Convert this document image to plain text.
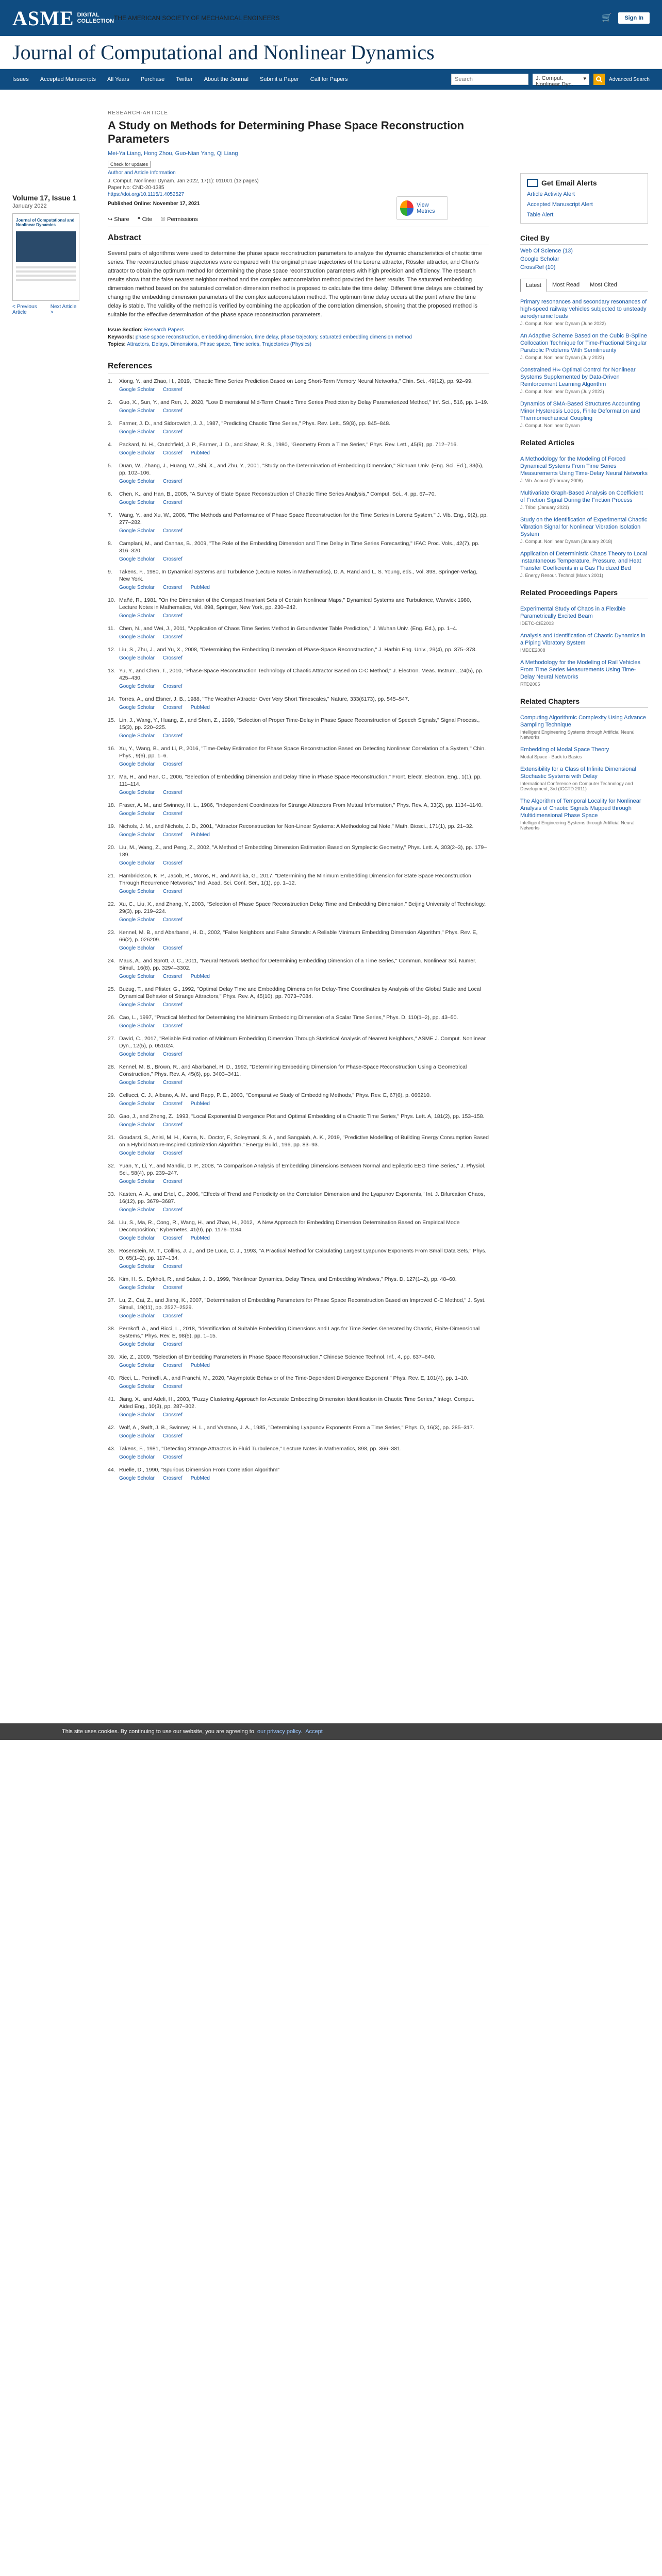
ASME DIGITAL
COLLECTION THE AMERICAN SOCIETY OF MECHANICAL ENGINEERS	🛒	Sign In
Journal of Computational and Nonlinear Dynamics
Issues Accepted Manuscripts All Years Purchase Twitter About the Journal Submit a Paper Call for Papers
Search	J. Comput. Nonlinear Dyn.
▾	Advanced Search
Volume 17, Issue 1
January 2022
Journal of Computational and Nonlinear Dynamics
< Previous Article
Next Article >
RESEARCH-ARTICLE
A Study on Methods for Determining Phase Space Reconstruction Parameters
Mei-Ya Liang, Hong Zhou, Guo-Nian Yang, Qi Liang
Check for updates
Author and Article Information
J. Comput. Nonlinear Dynam. Jan 2022, 17(1): 011001 (13 pages)
Paper No: CND-20-1385
https://doi.org/10.1115/1.4052527
Published Online: November 17, 2021
↪ Share ❝ Cite ☉ Permissions
View Metrics
Abstract

Several pairs of algorithms were used to determine the phase space reconstruction parameters to analyze the dynamic characteristics of chaotic time series. The reconstructed phase trajectories were compared with the original phase trajectories of the Lorenz attractor, Rössler attractor, and Chen's attractor to obtain the optimum method for determining the phase space reconstruction parameters with high precision and efficiency. The research results show that the false nearest neighbor method and the complex autocorrelation method provided the best results. The saturated embedding dimension method based on the saturated correlation dimension method is proposed to calculate the time delay. Different time delays are obtained by changing the embedding dimension parameters of the complex autocorrelation method. The optimum time delay occurs at the point where the time delay is stable. The validity of the method is verified by combining the application of the correlation dimension, showing that the proposed method is suitable for the effective determination of the phase space reconstruction parameters.

Issue Section: Research Papers
Keywords: phase space reconstruction, embedding dimension, time delay, phase trajectory, saturated embedding dimension method
Topics: Attractors, Delays, Dimensions, Phase space, Time series, Trajectories (Physics)
References
1.	Xiong, Y., and Zhao, H., 2019, "Chaotic Time Series Prediction Based on Long Short-Term Memory Neural Networks," Chin. Sci., 49(12), pp. 92–99.
Google Scholar Crossref
2.	Guo, X., Sun, Y., and Ren, J., 2020, "Low Dimensional Mid-Term Chaotic Time Series Prediction by Delay Parameterized Method," Inf. Sci., 516, pp. 1–19.
Google Scholar Crossref
3.	Farmer, J. D., and Sidorowich, J. J., 1987, "Predicting Chaotic Time Series," Phys. Rev. Lett., 59(8), pp. 845–848.
Google Scholar Crossref
4.	Packard, N. H., Crutchfield, J. P., Farmer, J. D., and Shaw, R. S., 1980, "Geometry From a Time Series," Phys. Rev. Lett., 45(9), pp. 712–716.
Google Scholar Crossref PubMed
5.	Duan, W., Zhang, J., Huang, W., Shi, X., and Zhu, Y., 2001, "Study on the Determination of Embedding Dimension," Sichuan Univ. (Eng. Sci. Ed.), 33(5), pp. 102–106.
Google Scholar Crossref
6.	Chen, K., and Han, B., 2005, "A Survey of State Space Reconstruction of Chaotic Time Series Analysis," Comput. Sci., 4, pp. 67–70.
Google Scholar Crossref
7.	Wang, Y., and Xu, W., 2006, "The Methods and Performance of Phase Space Reconstruction for the Time Series in Lorenz System," J. Vib. Eng., 9(2), pp. 277–282.
Google Scholar Crossref
8.	Camplani, M., and Cannas, B., 2009, "The Role of the Embedding Dimension and Time Delay in Time Series Forecasting," IFAC Proc. Vols., 42(7), pp. 316–320.
Google Scholar Crossref
9.	Takens, F., 1980, In Dynamical Systems and Turbulence (Lecture Notes in Mathematics), D. A. Rand and L. S. Young, eds., Vol. 898, Springer-Verlag, New York.
Google Scholar Crossref PubMed
10. Mañé, R., 1981, "On the Dimension of the Compact Invariant Sets of Certain Nonlinear Maps," Dynamical Systems and Turbulence, Warwick 1980, Lecture Notes in Mathematics, Vol. 898, Springer, New York, pp. 230–242.
Google Scholar Crossref
11. Chen, N., and Wei, J., 2011, "Application of Chaos Time Series Method in Groundwater Table Prediction," J. Wuhan Univ. (Eng. Ed.), pp. 1–4.
Google Scholar Crossref
12. Liu, S., Zhu, J., and Yu, X., 2008, "Determining the Embedding Dimension of Phase-Space Reconstruction," J. Harbin Eng. Univ., 29(4), pp. 375–378.
Google Scholar Crossref
13. Yu, Y., and Chen, T., 2010, "Phase-Space Reconstruction Technology of Chaotic Attractor Based on C-C Method," J. Electron. Meas. Instrum., 24(5), pp. 425–430.
Google Scholar Crossref
14. Torres, A., and Elsner, J. B., 1988, "The Weather Attractor Over Very Short Timescales," Nature, 333(6173), pp. 545–547.
Google Scholar Crossref PubMed
15. Lin, J., Wang, Y., Huang, Z., and Shen, Z., 1999, "Selection of Proper Time-Delay in Phase Space Reconstruction of Speech Signals," Signal Process., 15(3), pp. 220–225.
Google Scholar Crossref
16. Xu, Y., Wang, B., and Li, P., 2016, "Time-Delay Estimation for Phase Space Reconstruction Based on Detecting Nonlinear Correlation of a System," Chin. Phys., 9(6), pp. 1–6.
Google Scholar Crossref
17. Ma, H., and Han, C., 2006, "Selection of Embedding Dimension and Delay Time in Phase Space Reconstruction," Front. Electr. Electron. Eng., 1(1), pp. 111–114.
Google Scholar Crossref
18. Fraser, A. M., and Swinney, H. L., 1986, "Independent Coordinates for Strange Attractors From Mutual Information," Phys. Rev. A, 33(2), pp. 1134–1140.
Google Scholar Crossref
19. Nichols, J. M., and Nichols, J. D., 2001, "Attractor Reconstruction for Non-Linear Systems: A Methodological Note," Math. Biosci., 171(1), pp. 21–32.
Google Scholar Crossref PubMed
20. Liu, M., Wang, Z., and Peng, Z., 2002, "A Method of Embedding Dimension Estimation Based on Symplectic Geometry," Phys. Lett. A, 303(2–3), pp. 179–189.
Google Scholar Crossref
21. Hambrickson, K. P., Jacob, R., Moros, R., and Ambika, G., 2017, "Determining the Minimum Embedding Dimension for State Space Reconstruction Through Recurrence Networks," Ind. Acad. Sci. Conf. Ser., 1(1), pp. 1–12.
Google Scholar Crossref
22. Xu, C., Liu, X., and Zhang, Y., 2003, "Selection of Phase Space Reconstruction Delay Time and Embedding Dimension," Beijing University of Technology, 29(3), pp. 219–224.
Google Scholar Crossref
23. Kennel, M. B., and Abarbanel, H. D., 2002, "False Neighbors and False Strands: A Reliable Minimum Embedding Dimension Algorithm," Phys. Rev. E, 66(2), p. 026209.
Google Scholar Crossref
24. Maus, A., and Sprott, J. C., 2011, "Neural Network Method for Determining Embedding Dimension of a Time Series," Commun. Nonlinear Sci. Numer. Simul., 16(8), pp. 3294–3302.
Google Scholar Crossref PubMed
25. Buzug, T., and Pfister, G., 1992, "Optimal Delay Time and Embedding Dimension for Delay-Time Coordinates by Analysis of the Global Static and Local Dynamical Behavior of Strange Attractors," Phys. Rev. A, 45(10), pp. 7073–7084.
Google Scholar Crossref
26. Cao, L., 1997, "Practical Method for Determining the Minimum Embedding Dimension of a Scalar Time Series," Phys. D, 110(1–2), pp. 43–50.
Google Scholar Crossref
27. David, C., 2017, "Reliable Estimation of Minimum Embedding Dimension Through Statistical Analysis of Nearest Neighbors," ASME J. Comput. Nonlinear Dyn., 12(5), p. 051024.
Google Scholar Crossref
28. Kennel, M. B., Brown, R., and Abarbanel, H. D., 1992, "Determining Embedding Dimension for Phase-Space Reconstruction Using a Geometrical Construction," Phys. Rev. A, 45(6), pp. 3403–3411.
Google Scholar Crossref
29. Cellucci, C. J., Albano, A. M., and Rapp, P. E., 2003, "Comparative Study of Embedding Methods," Phys. Rev. E, 67(6), p. 066210.
Google Scholar Crossref PubMed
30. Gao, J., and Zheng, Z., 1993, "Local Exponential Divergence Plot and Optimal Embedding of a Chaotic Time Series," Phys. Lett. A, 181(2), pp. 153–158.
Google Scholar Crossref
31. Goudarzi, S., Anisi, M. H., Kama, N., Doctor, F., Soleymani, S. A., and Sangaiah, A. K., 2019, "Predictive Modelling of Building Energy Consumption Based on a Hybrid Nature-Inspired Optimization Algorithm," Energy Build., 196, pp. 83–93.
Google Scholar Crossref
32. Yuan, Y., Li, Y., and Mandic, D. P., 2008, "A Comparison Analysis of Embedding Dimensions Between Normal and Epileptic EEG Time Series," J. Physiol. Sci., 58(4), pp. 239–247.
Google Scholar Crossref
33. Kasten, A. A., and Ertel, C., 2006, "Effects of Trend and Periodicity on the Correlation Dimension and the Lyapunov Exponents," Int. J. Bifurcation Chaos, 16(12), pp. 3679–3687.
Google Scholar Crossref
34. Liu, S., Ma, R., Cong, R., Wang, H., and Zhao, H., 2012, "A New Approach for Embedding Dimension Determination Based on Empirical Mode Decomposition," Kybernetes, 41(9), pp. 1176–1184.
Google Scholar Crossref PubMed
35. Rosenstein, M. T., Collins, J. J., and De Luca, C. J., 1993, "A Practical Method for Calculating Largest Lyapunov Exponents From Small Data Sets," Phys. D, 65(1–2), pp. 117–134.
Google Scholar Crossref
36. Kim, H. S., Eykholt, R., and Salas, J. D., 1999, "Nonlinear Dynamics, Delay Times, and Embedding Windows," Phys. D, 127(1–2), pp. 48–60.
Google Scholar Crossref
37. Lu, Z., Cai, Z., and Jiang, K., 2007, "Determination of Embedding Parameters for Phase Space Reconstruction Based on Improved C-C Method," J. Syst. Simul., 19(11), pp. 2527–2529.
Google Scholar Crossref
38. Pernkoff, A., and Ricci, L., 2018, "Identification of Suitable Embedding Dimensions and Lags for Time Series Generated by Chaotic, Finite-Dimensional Systems," Phys. Rev. E, 98(5), pp. 1–15.
Google Scholar Crossref
39. Xie, Z., 2009, "Selection of Embedding Parameters in Phase Space Reconstruction," Chinese Science Technol. Inf., 4, pp. 637–640.
Google Scholar Crossref PubMed
40. Ricci, L., Perinelli, A., and Franchi, M., 2020, "Asymptotic Behavior of the Time-Dependent Divergence Exponent," Phys. Rev. E, 101(4), pp. 1–10.
Google Scholar Crossref
41. Jiang, X., and Adeli, H., 2003, "Fuzzy Clustering Approach for Accurate Embedding Dimension Identification in Chaotic Time Series," Integr. Comput. Aided Eng., 10(3), pp. 287–302.
Google Scholar Crossref
42. Wolf, A., Swift, J. B., Swinney, H. L., and Vastano, J. A., 1985, "Determining Lyapunov Exponents From a Time Series," Phys. D, 16(3), pp. 285–317.
Google Scholar Crossref
43. Takens, F., 1981, "Detecting Strange Attractors in Fluid Turbulence," Lecture Notes in Mathematics, 898, pp. 366–381.
Google Scholar Crossref
44. Ruelle, D., 1990, "Spurious Dimension From Correlation Algorithm"
Google Scholar Crossref PubMed
Get Email Alerts
Article Activity Alert
Accepted Manuscript Alert
Table Alert
Cited By
Web Of Science (13)
Google Scholar
CrossRef (10)
Latest	Most Read	Most Cited
Primary resonances and secondary resonances of high-speed railway vehicles subjected to unsteady aerodynamic loads
J. Comput. Nonlinear Dynam (June 2022)
An Adaptive Scheme Based on the Cubic B-Spline Collocation Technique for Time-Fractional Singular Parabolic Problems With Semilinearity
J. Comput. Nonlinear Dynam (July 2022)
Constrained H∞ Optimal Control for Nonlinear Systems Supplemented by Data-Driven Reinforcement Learning Algorithm
J. Comput. Nonlinear Dynam (July 2022)
Dynamics of SMA-Based Structures Accounting Minor Hysteresis Loops, Finite Deformation and Thermomechanical Coupling
J. Comput. Nonlinear Dynam
Related Articles
A Methodology for the Modeling of Forced Dynamical Systems From Time Series Measurements Using Time-Delay Neural Networks
J. Vib. Acoust (February 2006)
Multivariate Graph-Based Analysis on Coefficient of Friction Signal During the Friction Process
J. Tribol (January 2021)
Study on the Identification of Experimental Chaotic Vibration Signal for Nonlinear Vibration Isolation System
J. Comput. Nonlinear Dynam (January 2018)
Application of Deterministic Chaos Theory to Local Instantaneous Temperature, Pressure, and Heat Transfer Coefficients in a Gas Fluidized Bed
J. Energy Resour. Technol (March 2001)
Related Proceedings Papers
Experimental Study of Chaos in a Flexible Parametrically Excited Beam
IDETC-CIE2003
Analysis and Identification of Chaotic Dynamics in a Piping Vibratory System
IMECE2008
A Methodology for the Modeling of Rail Vehicles From Time Series Measurements Using Time-Delay Neural Networks
RTD2005
Related Chapters
Computing Algorithmic Complexity Using Advance Sampling Technique
Intelligent Engineering Systems through Artificial Neural Networks
Embedding of Modal Space Theory
Modal Space - Back to Basics
Extensibility for a Class of Infinite Dimensional Stochastic Systems with Delay
International Conference on Computer Technology and Development, 3rd (ICCTD 2011)
The Algorithm of Temporal Locality for Nonlinear Analysis of Chaotic Signals Mapped through Multidimensional Phase Space
Intelligent Engineering Systems through Artificial Neural Networks
This site uses cookies. By continuing to use our website, you are agreeing to our privacy policy. Accept
